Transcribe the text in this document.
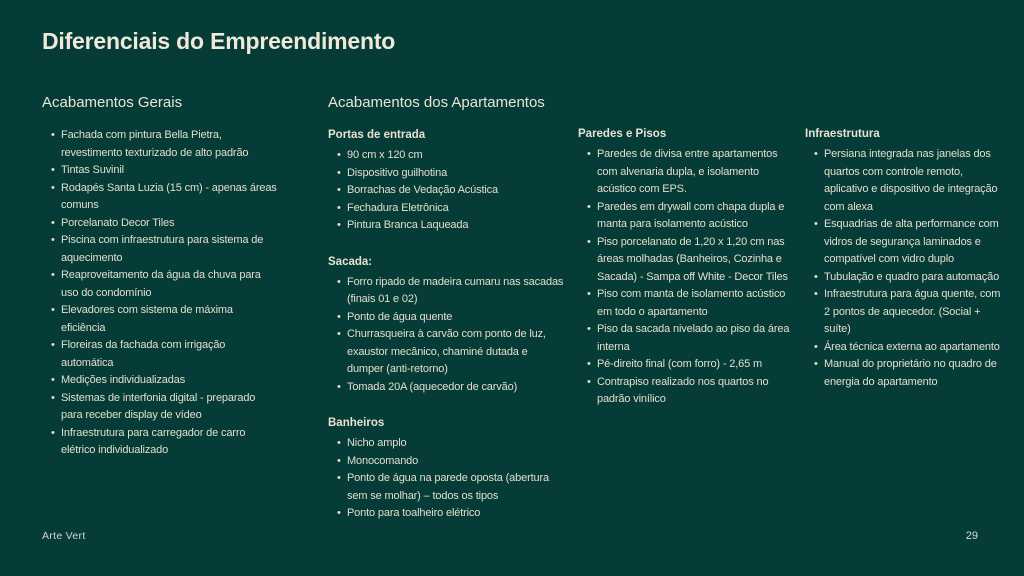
Diferenciais do Empreendimento
Acabamentos Gerais
• Fachada com pintura Bella Pietra, revestimento texturizado de alto padrão
• Tintas Suvinil
• Rodapés Santa Luzia (15 cm) - apenas áreas comuns
• Porcelanato Decor Tiles
• Piscina com infraestrutura para sistema de aquecimento
• Reaproveitamento da água da chuva para uso do condomínio
• Elevadores com sistema de máxima eficiência
• Floreiras da fachada com irrigação automática
• Medições individualizadas
• Sistemas de interfonia digital - preparado para receber display de vídeo
• Infraestrutura para carregador de carro elétrico individualizado
Acabamentos dos Apartamentos
Portas de entrada
• 90 cm x 120 cm
• Dispositivo guilhotina
• Borrachas de Vedação Acústica
• Fechadura Eletrônica
• Pintura Branca Laqueada
Sacada:
• Forro ripado de madeira cumaru nas sacadas (finais 01 e 02)
• Ponto de água quente
• Churrasqueira à carvão com ponto de luz, exaustor mecânico, chaminé dutada e dumper (anti-retorno)
• Tomada 20A (aquecedor de carvão)
Banheiros
• Nicho amplo
• Monocomando
• Ponto de água na parede oposta (abertura sem se molhar) – todos os tipos
• Ponto para toalheiro elétrico
Paredes e Pisos
• Paredes de divisa entre apartamentos com alvenaria dupla, e isolamento acústico com EPS.
• Paredes em drywall com chapa dupla e manta para isolamento acústico
• Piso porcelanato de 1,20 x 1,20 cm nas áreas molhadas (Banheiros, Cozinha e Sacada) - Sampa off White - Decor Tiles
• Piso com manta de isolamento acústico em todo o apartamento
• Piso da sacada nivelado ao piso da área interna
• Pé-direito final (com forro) - 2,65 m
• Contrapiso realizado nos quartos no padrão vinílico
Infraestrutura
• Persiana integrada nas janelas dos quartos com controle remoto, aplicativo e dispositivo de integração com alexa
• Esquadrias de alta performance com vidros de segurança laminados e compatível com vidro duplo
• Tubulação e quadro para automação
• Infraestrutura para água quente, com 2 pontos de aquecedor. (Social + suíte)
• Área técnica externa ao apartamento
• Manual do proprietário no quadro de energia do apartamento
Arte Vert	29
